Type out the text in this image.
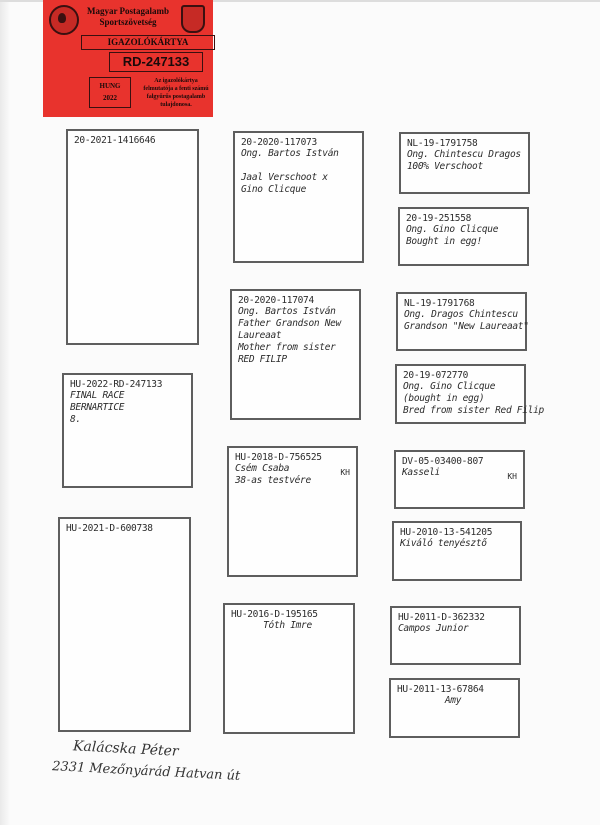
Magyar Postagalamb
Sportszövetség
IGAZOLÓKÁRTYA
RD-247133
HUNG
2022
Az igazolókártya felmutatója a fenti számú falgyűrűs postagalamb tulajdonosa.
20-2021-1416646
HU-2022-RD-247133
FINAL RACE
BERNARTICE
8.
HU-2021-D-600738
20-2020-117073
Ong. Bartos István
Jaal Verschoot x
Gino Clicque
20-2020-117074
Ong. Bartos István
Father Grandson New
Laureaat
Mother from sister
RED FILIP
HU-2018-D-756525
KH
Csém Csaba
38-as testvére
HU-2016-D-195165
Tóth Imre
NL-19-1791758
Ong. Chintescu Dragos
100% Verschoot
20-19-251558
Ong. Gino Clicque
Bought in egg!
NL-19-1791768
Ong. Dragos Chintescu
Grandson "New Laureaat"
20-19-072770
Ong. Gino Clicque
(bought in egg)
Bred from sister Red Filip
DV-05-03400-807
KH
Kasseli
HU-2010-13-541205
Kiváló tenyésztő
HU-2011-D-362332
Campos Junior
HU-2011-13-67864
Amy
Kalácska Péter
2331 Mezőnyárád Hatvan út
